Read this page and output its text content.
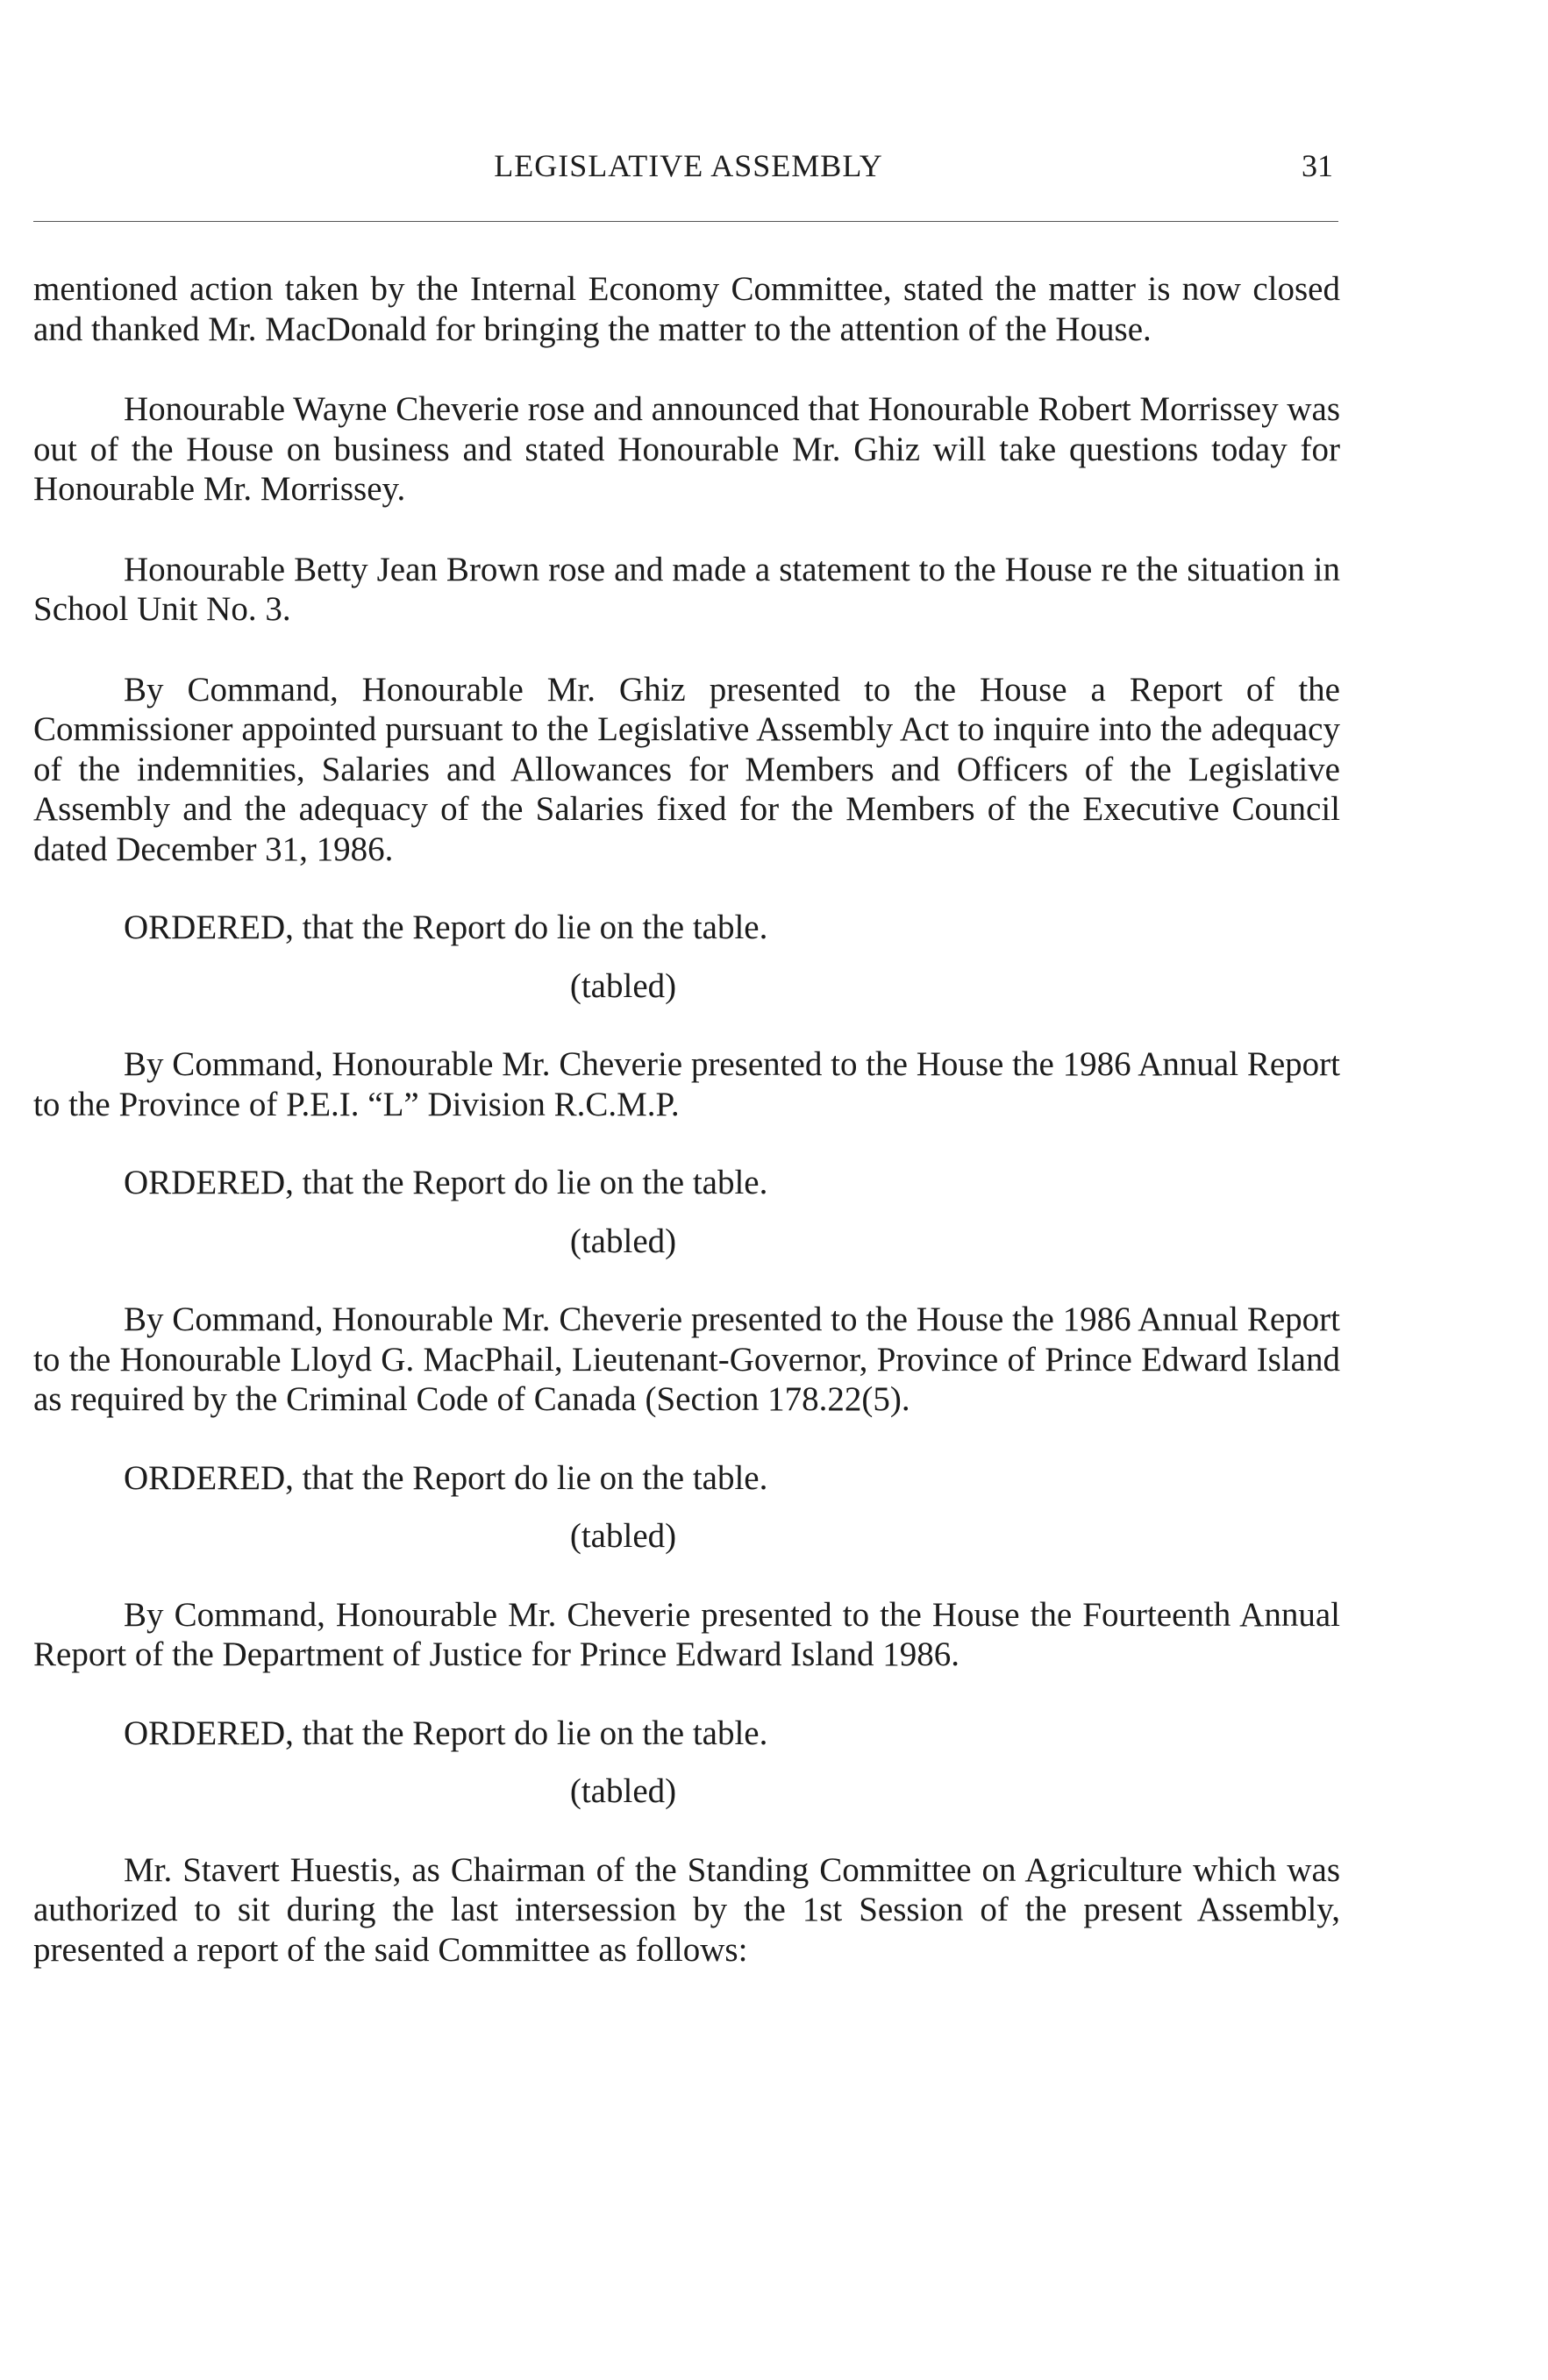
LEGISLATIVE ASSEMBLY	31

mentioned action taken by the Internal Economy Committee, stated the matter is now closed and thanked Mr. MacDonald for bringing the matter to the attention of the House.

Honourable Wayne Cheverie rose and announced that Honourable Robert Morrissey was out of the House on business and stated Honourable Mr. Ghiz will take questions today for Honourable Mr. Morrissey.

Honourable Betty Jean Brown rose and made a statement to the House re the situation in School Unit No. 3.

By Command, Honourable Mr. Ghiz presented to the House a Report of the Commissioner appointed pursuant to the Legislative Assembly Act to inquire into the adequacy of the indemnities, Salaries and Allowances for Members and Officers of the Legislative Assembly and the adequacy of the Salaries fixed for the Members of the Executive Council dated December 31, 1986.

ORDERED, that the Report do lie on the table.

(tabled)

By Command, Honourable Mr. Cheverie presented to the House the 1986 Annual Report to the Province of P.E.I. “L” Division R.C.M.P.

ORDERED, that the Report do lie on the table.

(tabled)

By Command, Honourable Mr. Cheverie presented to the House the 1986 Annual Report to the Honourable Lloyd G. MacPhail, Lieutenant-Governor, Province of Prince Edward Island as required by the Criminal Code of Canada (Section 178.22(5).

ORDERED, that the Report do lie on the table.

(tabled)

By Command, Honourable Mr. Cheverie presented to the House the Fourteenth Annual Report of the Department of Justice for Prince Edward Island 1986.

ORDERED, that the Report do lie on the table.

(tabled)

Mr. Stavert Huestis, as Chairman of the Standing Committee on Agriculture which was authorized to sit during the last intersession by the 1st Session of the present Assembly, presented a report of the said Committee as follows:
